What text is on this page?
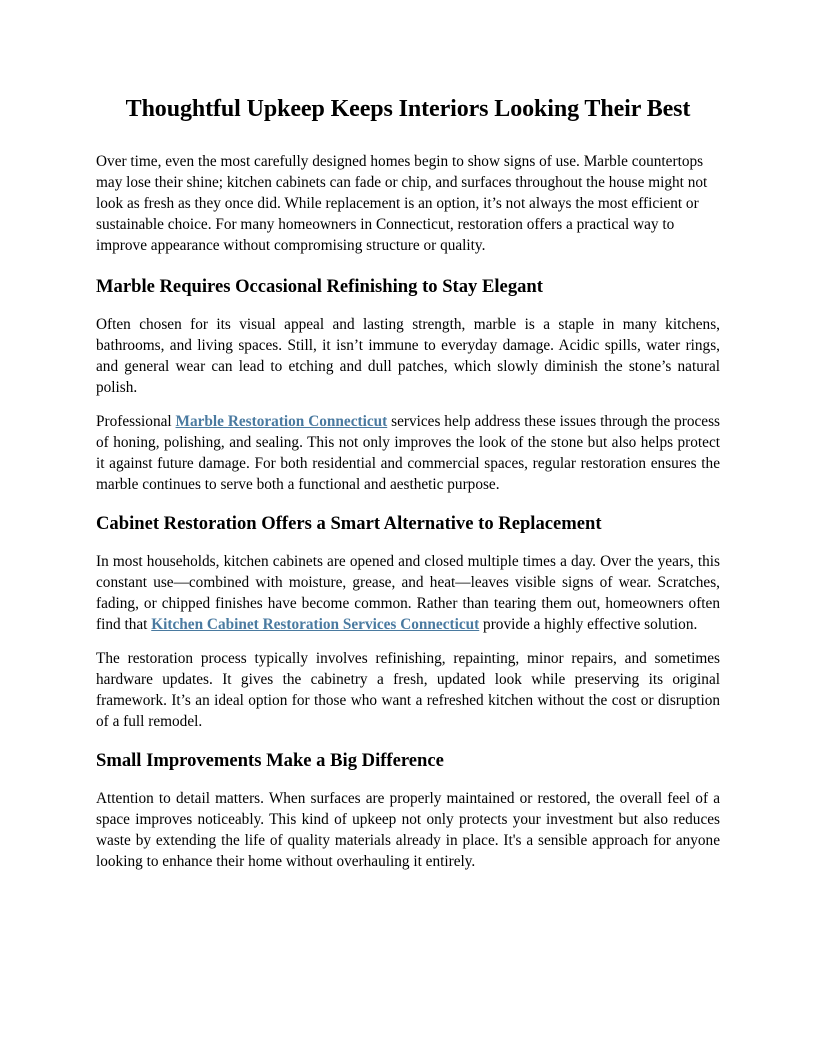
Thoughtful Upkeep Keeps Interiors Looking Their Best

Over time, even the most carefully designed homes begin to show signs of use. Marble countertops may lose their shine; kitchen cabinets can fade or chip, and surfaces throughout the house might not look as fresh as they once did. While replacement is an option, it’s not always the most efficient or sustainable choice. For many homeowners in Connecticut, restoration offers a practical way to improve appearance without compromising structure or quality.

Marble Requires Occasional Refinishing to Stay Elegant

Often chosen for its visual appeal and lasting strength, marble is a staple in many kitchens, bathrooms, and living spaces. Still, it isn’t immune to everyday damage. Acidic spills, water rings, and general wear can lead to etching and dull patches, which slowly diminish the stone’s natural polish.

Professional Marble Restoration Connecticut services help address these issues through the process of honing, polishing, and sealing. This not only improves the look of the stone but also helps protect it against future damage. For both residential and commercial spaces, regular restoration ensures the marble continues to serve both a functional and aesthetic purpose.

Cabinet Restoration Offers a Smart Alternative to Replacement

In most households, kitchen cabinets are opened and closed multiple times a day. Over the years, this constant use—combined with moisture, grease, and heat—leaves visible signs of wear. Scratches, fading, or chipped finishes have become common. Rather than tearing them out, homeowners often find that Kitchen Cabinet Restoration Services Connecticut provide a highly effective solution.

The restoration process typically involves refinishing, repainting, minor repairs, and sometimes hardware updates. It gives the cabinetry a fresh, updated look while preserving its original framework. It’s an ideal option for those who want a refreshed kitchen without the cost or disruption of a full remodel.

Small Improvements Make a Big Difference

Attention to detail matters. When surfaces are properly maintained or restored, the overall feel of a space improves noticeably. This kind of upkeep not only protects your investment but also reduces waste by extending the life of quality materials already in place. It's a sensible approach for anyone looking to enhance their home without overhauling it entirely.
